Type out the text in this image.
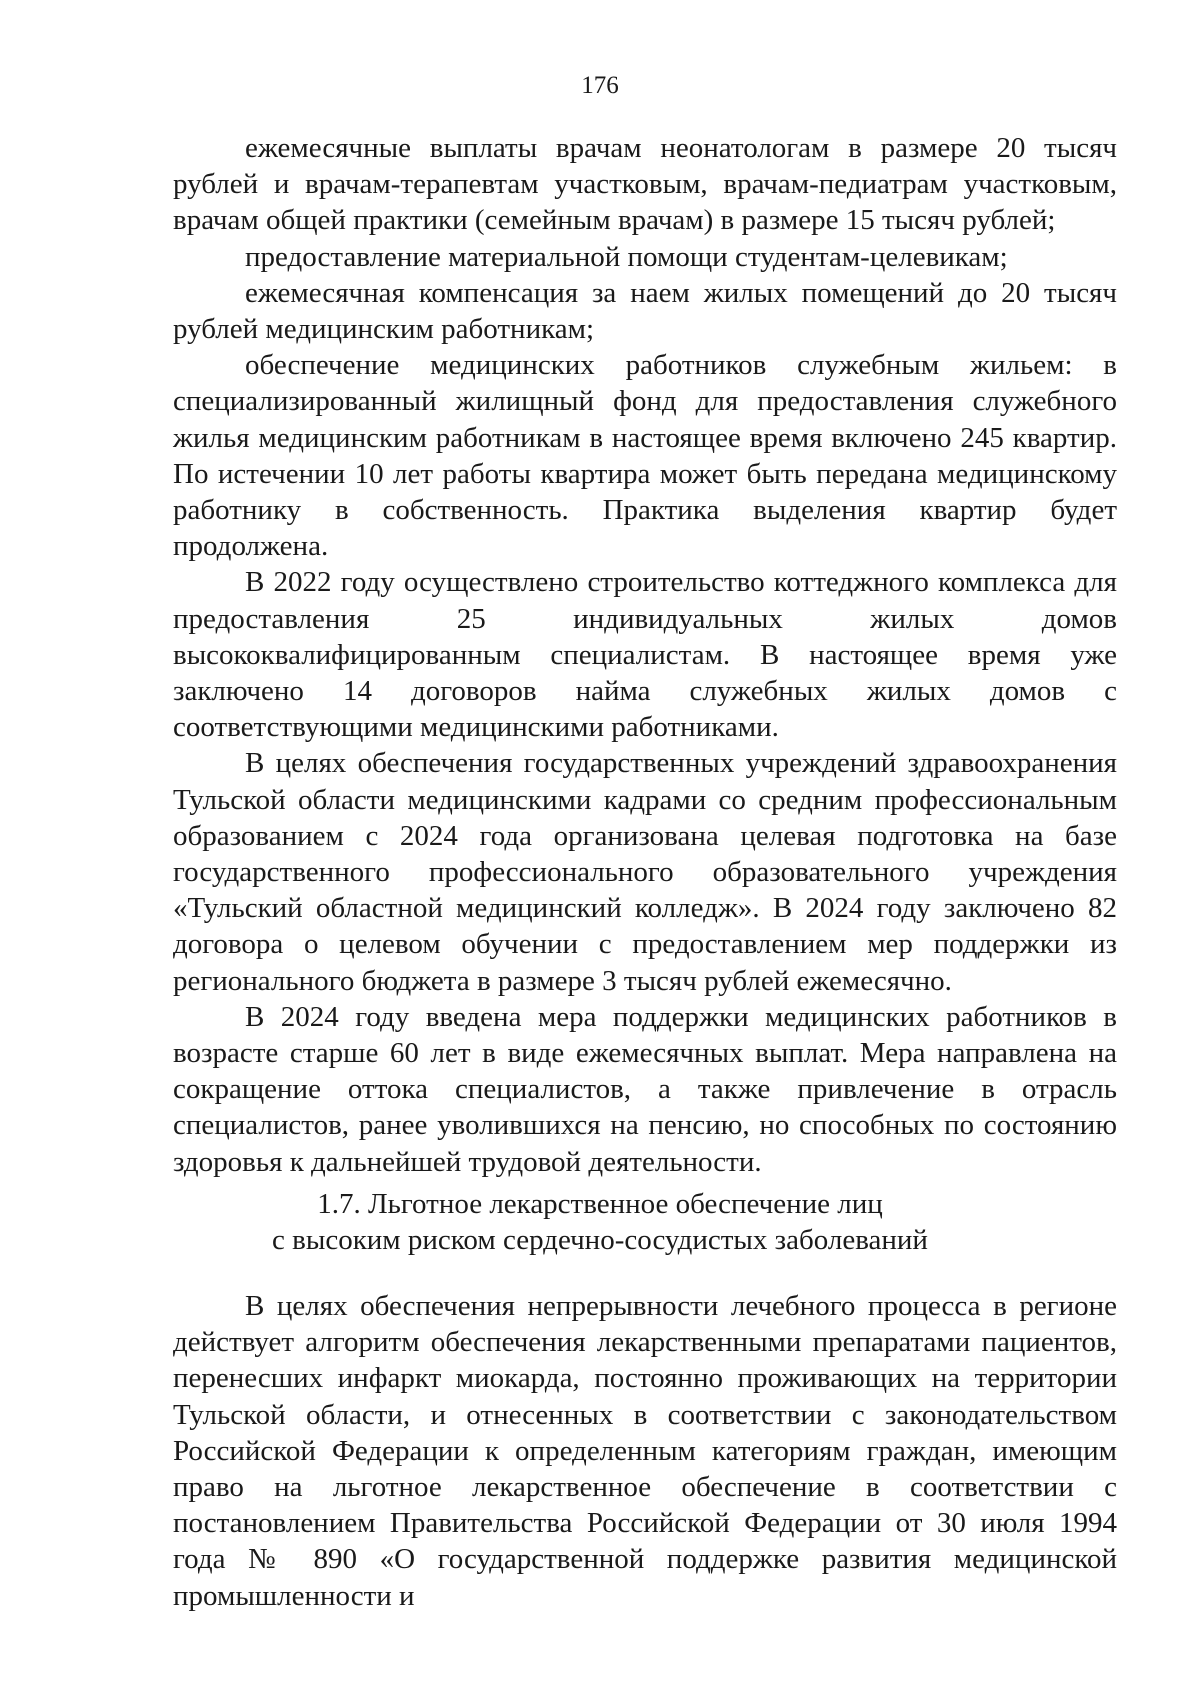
176

ежемесячные выплаты врачам неонатологам в размере 20 тысяч рублей и врачам-терапевтам участковым, врачам-педиатрам участковым, врачам общей практики (семейным врачам) в размере 15 тысяч рублей;

предоставление материальной помощи студентам-целевикам;

ежемесячная компенсация за наем жилых помещений до 20 тысяч рублей медицинским работникам;

обеспечение медицинских работников служебным жильем: в специализированный жилищный фонд для предоставления служебного жилья медицинским работникам в настоящее время включено 245 квартир. По истечении 10 лет работы квартира может быть передана медицинскому работнику в собственность. Практика выделения квартир будет продолжена.

В 2022 году осуществлено строительство коттеджного комплекса для предоставления 25 индивидуальных жилых домов высококвалифицированным специалистам. В настоящее время уже заключено 14 договоров найма служебных жилых домов с соответствующими медицинскими работниками.

В целях обеспечения государственных учреждений здравоохранения Тульской области медицинскими кадрами со средним профессиональным образованием с 2024 года организована целевая подготовка на базе государственного профессионального образовательного учреждения «Тульский областной медицинский колледж». В 2024 году заключено 82 договора о целевом обучении с предоставлением мер поддержки из регионального бюджета в размере 3 тысяч рублей ежемесячно.

В 2024 году введена мера поддержки медицинских работников в возрасте старше 60 лет в виде ежемесячных выплат. Мера направлена на сокращение оттока специалистов, а также привлечение в отрасль специалистов, ранее уволившихся на пенсию, но способных по состоянию здоровья к дальнейшей трудовой деятельности.

1.7. Льготное лекарственное обеспечение лиц
с высоким риском сердечно-сосудистых заболеваний

В целях обеспечения непрерывности лечебного процесса в регионе действует алгоритм обеспечения лекарственными препаратами пациентов, перенесших инфаркт миокарда, постоянно проживающих на территории Тульской области, и отнесенных в соответствии с законодательством Российской Федерации к определенным категориям граждан, имеющим право на льготное лекарственное обеспечение в соответствии с постановлением Правительства Российской Федерации от 30 июля 1994 года № 890 «О государственной поддержке развития медицинской промышленности и
